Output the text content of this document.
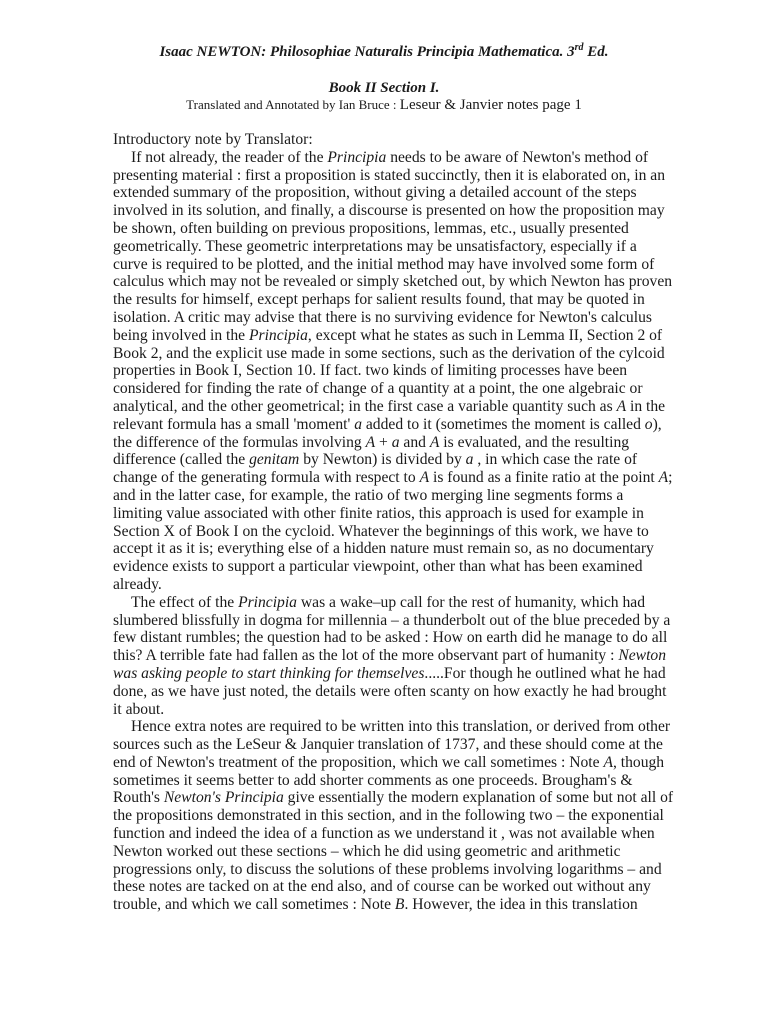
Isaac NEWTON: Philosophiae Naturalis Principia Mathematica. 3rd Ed.
Book II Section I.
Translated and Annotated by Ian Bruce : Leseur & Janvier notes page 1
Introductory note by Translator:
If not already, the reader of the Principia needs to be aware of Newton's method of
presenting material : first a proposition is stated succinctly, then it is elaborated on, in an
extended summary of the proposition, without giving a detailed account of the steps
involved in its solution, and finally, a discourse is presented on how the proposition may
be shown, often building on previous propositions, lemmas, etc., usually presented
geometrically. These geometric interpretations may be unsatisfactory, especially if a
curve is required to be plotted, and the initial method may have involved some form of
calculus which may not be revealed or simply sketched out, by which Newton has proven
the results for himself, except perhaps for salient results found, that may be quoted in
isolation. A critic may advise that there is no surviving evidence for Newton's calculus
being involved in the Principia, except what he states as such in Lemma II, Section 2 of
Book 2, and the explicit use made in some sections, such as the derivation of the cylcoid
properties in Book I, Section 10. If fact. two kinds of limiting processes have been
considered for finding the rate of change of a quantity at a point, the one algebraic or
analytical, and the other geometrical; in the first case a variable quantity such as A in the
relevant formula has a small 'moment' a added to it (sometimes the moment is called o),
the difference of the formulas involving A + a and A is evaluated, and the resulting
difference (called the genitam by Newton) is divided by a , in which case the rate of
change of the generating formula with respect to A is found as a finite ratio at the point A;
and in the latter case, for example, the ratio of two merging line segments forms a
limiting value associated with other finite ratios, this approach is used for example in
Section X of Book I on the cycloid. Whatever the beginnings of this work, we have to
accept it as it is; everything else of a hidden nature must remain so, as no documentary
evidence exists to support a particular viewpoint, other than what has been examined
already.
The effect of the Principia was a wake–up call for the rest of humanity, which had
slumbered blissfully in dogma for millennia – a thunderbolt out of the blue preceded by a
few distant rumbles; the question had to be asked : How on earth did he manage to do all
this? A terrible fate had fallen as the lot of the more observant part of humanity : Newton
was asking people to start thinking for themselves.....For though he outlined what he had
done, as we have just noted, the details were often scanty on how exactly he had brought
it about.
Hence extra notes are required to be written into this translation, or derived from other
sources such as the LeSeur & Janquier translation of 1737, and these should come at the
end of Newton's treatment of the proposition, which we call sometimes : Note A, though
sometimes it seems better to add shorter comments as one proceeds. Brougham's &
Routh's Newton's Principia give essentially the modern explanation of some but not all of
the propositions demonstrated in this section, and in the following two – the exponential
function and indeed the idea of a function as we understand it , was not available when
Newton worked out these sections – which he did using geometric and arithmetic
progressions only, to discuss the solutions of these problems involving logarithms – and
these notes are tacked on at the end also, and of course can be worked out without any
trouble, and which we call sometimes : Note B. However, the idea in this translation
